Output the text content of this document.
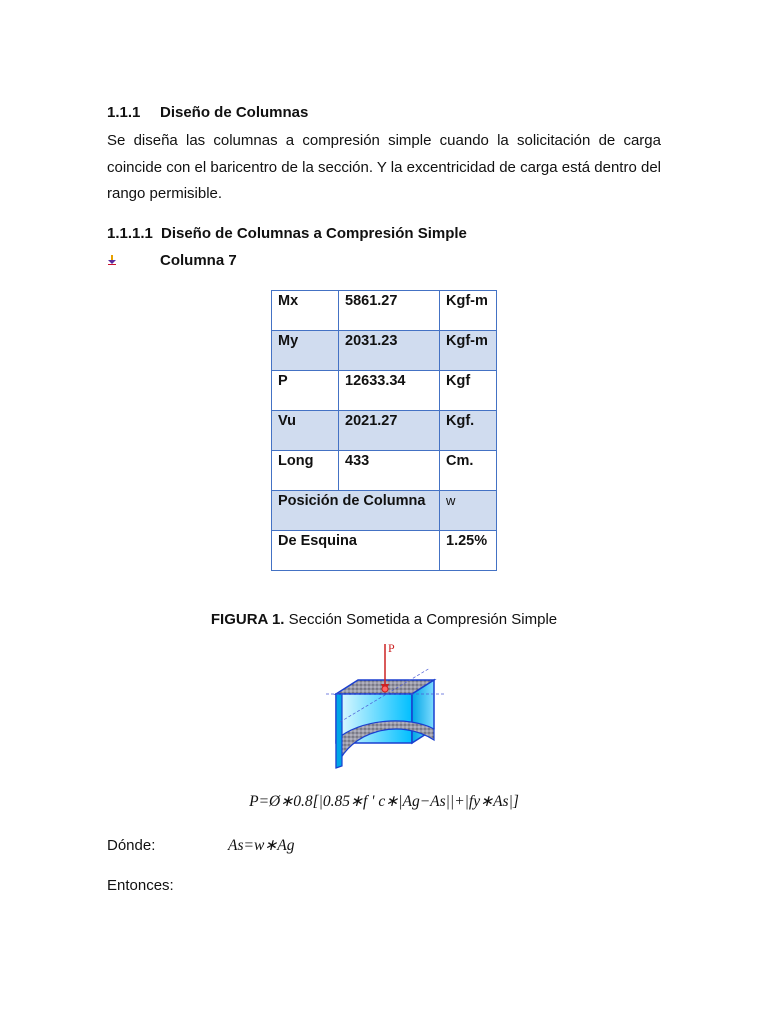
1.1.1 Diseño de Columnas
Se diseña las columnas a compresión simple cuando la solicitación de carga coincide con el baricentro de la sección. Y la excentricidad de carga está dentro del rango permisible.
1.1.1.1 Diseño de Columnas a Compresión Simple
Columna 7
Mx	5861.27	Kgf-m
My	2031.23	Kgf-m
P	12633.34	Kgf
Vu	2021.27	Kgf.
Long	433	Cm.
Posición de Columna		w
De Esquina		1.25%
FIGURA 1. Sección Sometida a Compresión Simple
P
P=Ø∗0.8[|0.85∗f ' c∗|Ag−As||+|fy∗As|]
Dónde:	As=w∗Ag
Entonces:
